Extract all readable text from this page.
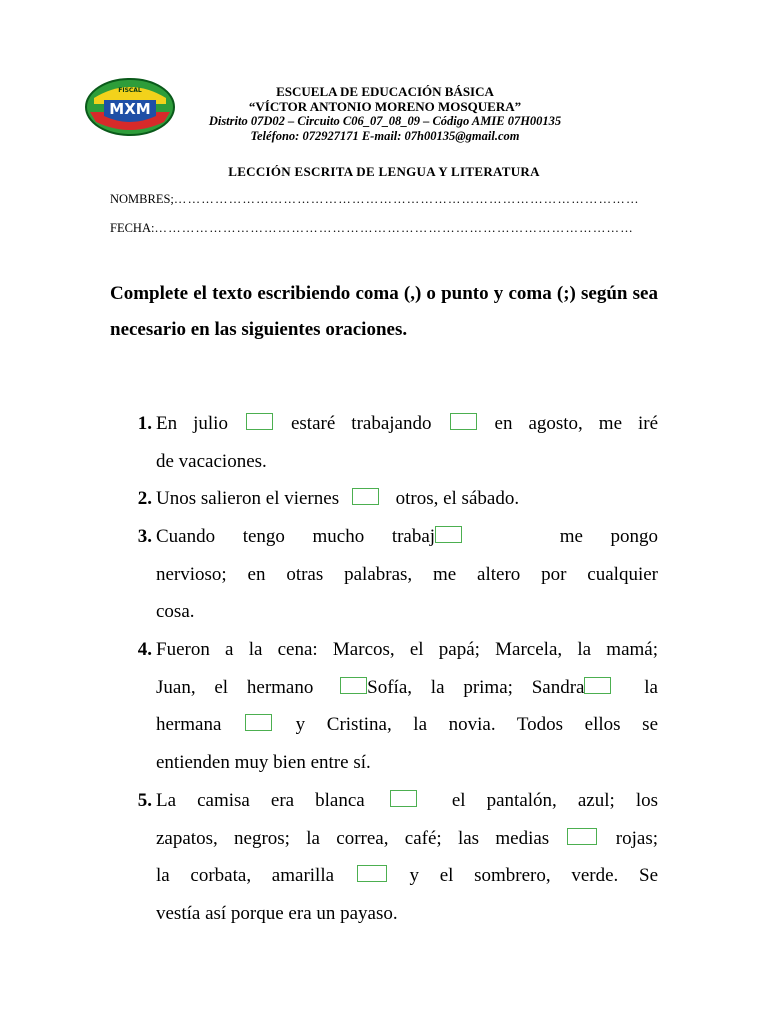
MXM
FISCAL	ESCUELA DE EDUCACIÓN BÁSICA
“VÍCTOR ANTONIO MORENO MOSQUERA”
Distrito 07D02 – Circuito C06_07_08_09 – Código AMIE 07H00135
Teléfono: 072927171 E-mail: 07h00135@gmail.com
LECCIÓN ESCRITA DE LENGUA Y LITERATURA
NOMBRES;…………………………………………………………………………………………
FECHA:……………………………………………………………………………………………
Complete el texto escribiendo coma (,) o punto y coma (;) según sea necesario en las siguientes oraciones.
1. En julio	estaré trabajando	en agosto, me iré
de vacaciones.
2. Unos salieron el viernes	otros, el sábado.
3. Cuando tengo mucho trabaj	me pongo
nervioso; en otras palabras, me altero por cualquier
cosa.
4. Fueron a la cena: Marcos, el papá; Marcela, la mamá;
Juan, el hermano	Sofía, la prima; Sandra	la
hermana	y Cristina, la novia. Todos ellos se
entienden muy bien entre sí.
5. La camisa era blanca	el pantalón, azul; los
zapatos, negros; la correa, café; las medias	rojas;
la corbata, amarilla	y el sombrero, verde. Se
vestía así porque era un payaso.
